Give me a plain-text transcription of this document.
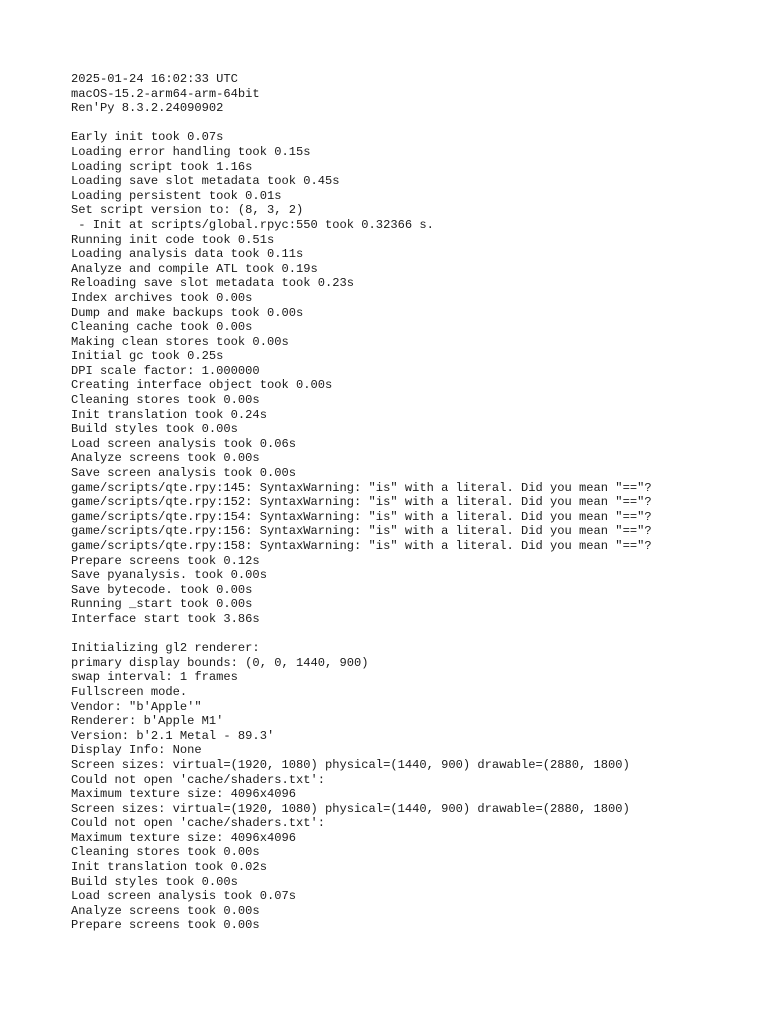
2025-01-24 16:02:33 UTC
macOS-15.2-arm64-arm-64bit
Ren'Py 8.3.2.24090902
Early init took 0.07s
Loading error handling took 0.15s
Loading script took 1.16s
Loading save slot metadata took 0.45s
Loading persistent took 0.01s
Set script version to: (8, 3, 2)
- Init at scripts/global.rpyc:550 took 0.32366 s.
Running init code took 0.51s
Loading analysis data took 0.11s
Analyze and compile ATL took 0.19s
Reloading save slot metadata took 0.23s
Index archives took 0.00s
Dump and make backups took 0.00s
Cleaning cache took 0.00s
Making clean stores took 0.00s
Initial gc took 0.25s
DPI scale factor: 1.000000
Creating interface object took 0.00s
Cleaning stores took 0.00s
Init translation took 0.24s
Build styles took 0.00s
Load screen analysis took 0.06s
Analyze screens took 0.00s
Save screen analysis took 0.00s
game/scripts/qte.rpy:145: SyntaxWarning: "is" with a literal. Did you mean "=="?
game/scripts/qte.rpy:152: SyntaxWarning: "is" with a literal. Did you mean "=="?
game/scripts/qte.rpy:154: SyntaxWarning: "is" with a literal. Did you mean "=="?
game/scripts/qte.rpy:156: SyntaxWarning: "is" with a literal. Did you mean "=="?
game/scripts/qte.rpy:158: SyntaxWarning: "is" with a literal. Did you mean "=="?
Prepare screens took 0.12s
Save pyanalysis. took 0.00s
Save bytecode. took 0.00s
Running _start took 0.00s
Interface start took 3.86s
Initializing gl2 renderer:
primary display bounds: (0, 0, 1440, 900)
swap interval: 1 frames
Fullscreen mode.
Vendor: "b'Apple'"
Renderer: b'Apple M1'
Version: b'2.1 Metal - 89.3'
Display Info: None
Screen sizes: virtual=(1920, 1080) physical=(1440, 900) drawable=(2880, 1800)
Could not open 'cache/shaders.txt':
Maximum texture size: 4096x4096
Screen sizes: virtual=(1920, 1080) physical=(1440, 900) drawable=(2880, 1800)
Could not open 'cache/shaders.txt':
Maximum texture size: 4096x4096
Cleaning stores took 0.00s
Init translation took 0.02s
Build styles took 0.00s
Load screen analysis took 0.07s
Analyze screens took 0.00s
Prepare screens took 0.00s
